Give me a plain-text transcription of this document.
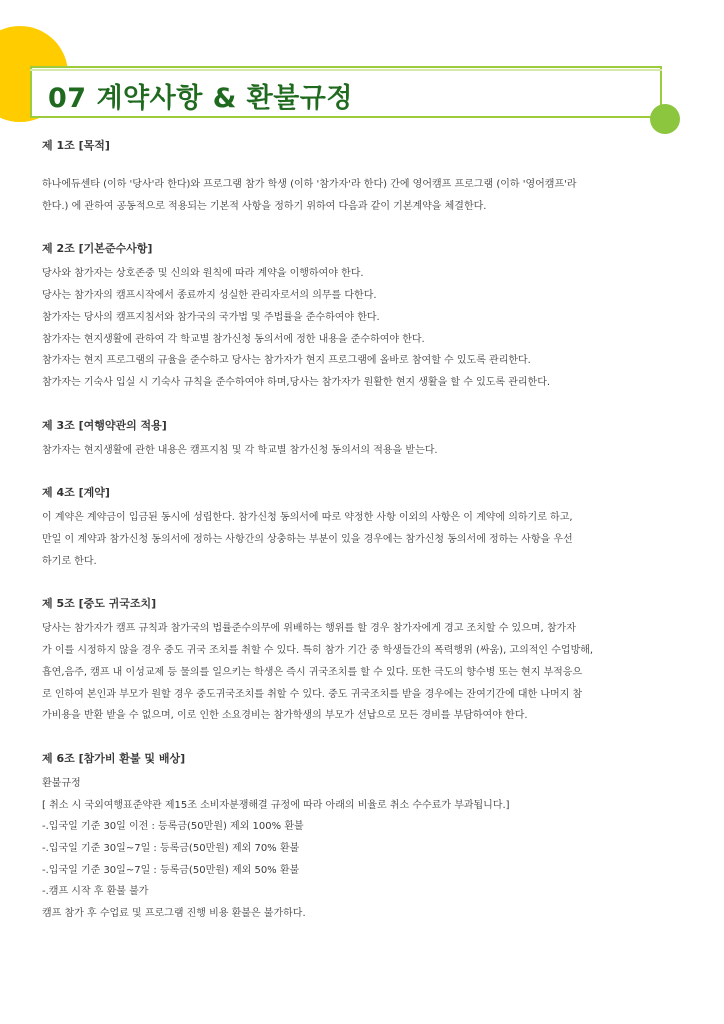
07 계약사항 & 환불규정

제 1조 [목적]

하나에듀센타 (이하 '당사'라 한다)와 프로그램 참가 학생 (이하 '참가자'라 한다) 간에 영어캠프 프로그램 (이하 '영어캠프'라

한다.) 에 관하여 공동적으로 적용되는 기본적 사항을 정하기 위하여 다음과 같이 기본계약을 체결한다.

제 2조 [기본준수사항]

당사와 참가자는 상호존중 및 신의와 원칙에 따라 계약을 이행하여야 한다.

당사는 참가자의 캠프시작에서 종료까지 성실한 관리자로서의 의무를 다한다.

참가자는 당사의 캠프지침서와 참가국의 국가법 및 주법률을 준수하여야 한다.

참가자는 현지생활에 관하여 각 학교별 참가신청 동의서에 정한 내용을 준수하여야 한다.

참가자는 현지 프로그램의 규율을 준수하고 당사는 참가자가 현지 프로그램에 올바로 참여할 수 있도록 관리한다.

참가자는 기숙사 입실 시 기숙사 규칙을 준수하여야 하며,당사는 참가자가 원활한 현지 생활을 할 수 있도록 관리한다.

제 3조 [여행약관의 적용]

참가자는 현지생활에 관한 내용은 캠프지침 및 각 학교별 참가신청 동의서의 적용을 받는다.

제 4조 [계약]

이 계약은 계약금이 입금된 동시에 성립한다. 참가신청 동의서에 따로 약정한 사항 이외의 사항은 이 계약에 의하기로 하고,

만일 이 계약과 참가신청 동의서에 정하는 사항간의 상충하는 부분이 있을 경우에는 참가신청 동의서에 정하는 사항을 우선

하기로 한다.

제 5조 [중도 귀국조치]

당사는 참가자가 캠프 규칙과 참가국의 법률준수의무에 위배하는 행위를 할 경우 참가자에게 경고 조치할 수 있으며, 참가자

가 이를 시정하지 않을 경우 중도 귀국 조치를 취할 수 있다. 특히 참가 기간 중 학생들간의 폭력행위 (싸움), 고의적인 수업방해,

흡연,음주, 캠프 내 이성교제 등 물의를 일으키는 학생은 즉시 귀국조치를 할 수 있다. 또한 극도의 향수병 또는 현지 부적응으

로 인하여 본인과 부모가 원할 경우 중도귀국조치를 취할 수 있다. 중도 귀국조치를 받을 경우에는 잔여기간에 대한 나머지 참

가비용을 반환 받을 수 없으며, 이로 인한 소요경비는 참가학생의 부모가 선납으로 모든 경비를 부담하여야 한다.

제 6조 [참가비 환불 및 배상]

환불규정

[ 취소 시 국외여행표준약관 제15조 소비자분쟁해결 규정에 따라 아래의 비율로 취소 수수료가 부과됩니다.]

-.입국일 기준 30일 이전 : 등록금(50만원) 제외 100% 환불

-.입국일 기준 30일~7일 : 등록금(50만원) 제외 70% 환불

-.입국일 기준 30일~7일 : 등록금(50만원) 제외 50% 환불

-.캠프 시작 후 환불 불가

캠프 참가 후 수업료 및 프로그램 진행 비용 환불은 불가하다.
